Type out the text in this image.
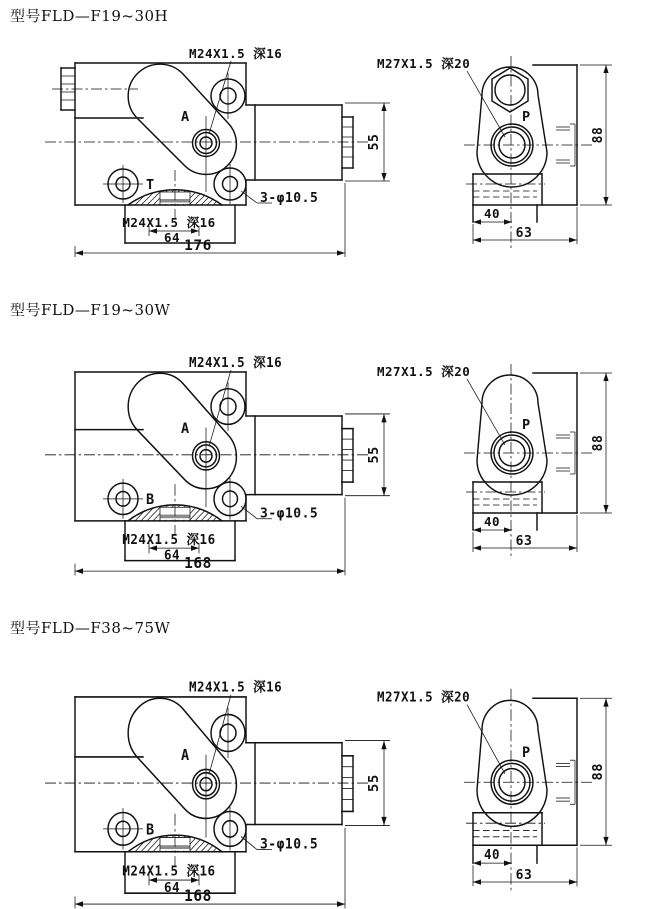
型号FLD—F19~30H
型号FLD—F19~30W
型号FLD—F38~75W
M24X1.5 深16
A
T
3-φ10.5
M24X1.5 深16
64
176
55
M27X1.5 深20
P
40
63
88
M24X1.5 深16
A
B
3-φ10.5
M24X1.5 深16
64 168
55
M27X1.5 深20
P
40
63
88
M24X1.5 深16
A
B
3-φ10.5
M24X1.5 深16
64 168
55
M27X1.5 深20
P
40
63
88
